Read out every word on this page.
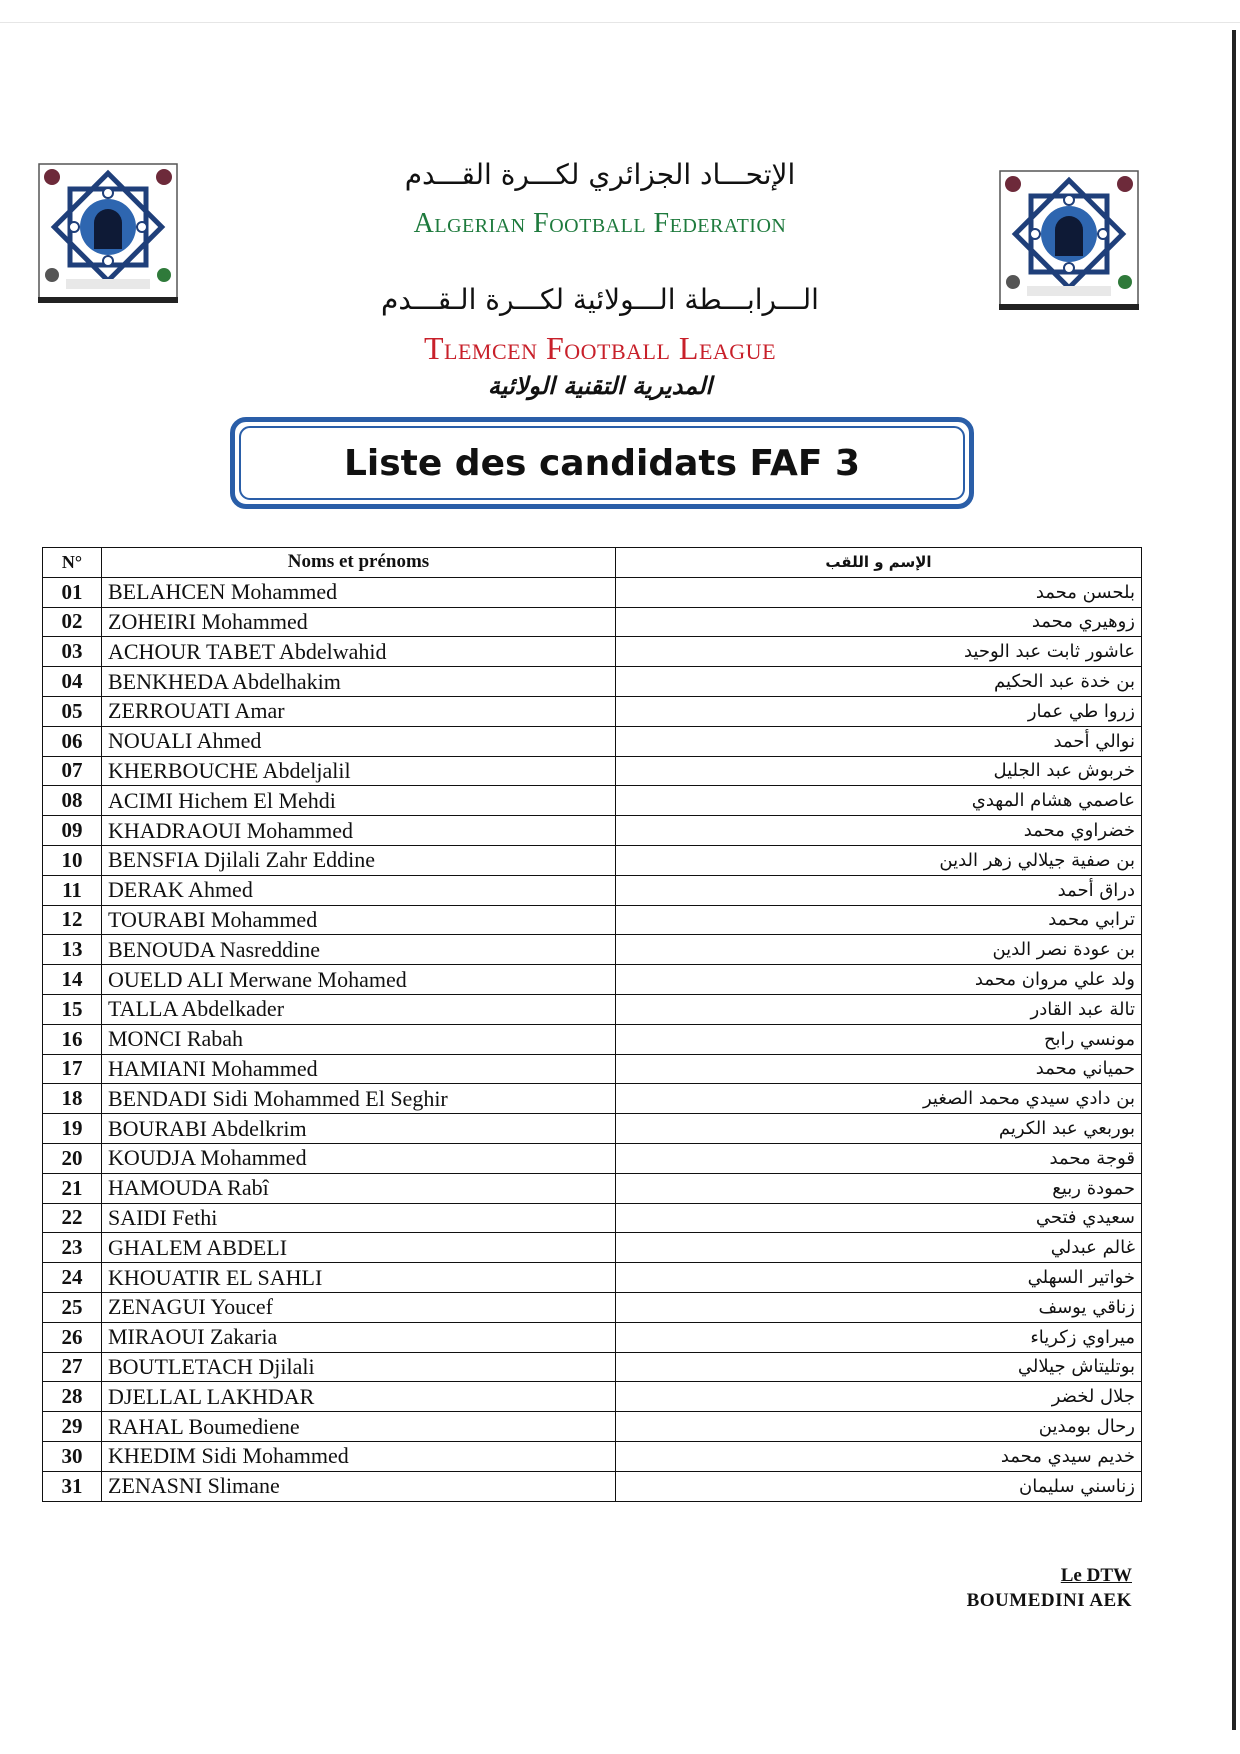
الإتحـــاد الجزائري لكـــرة القـــدم
Algerian Football Federation
الـــرابـــطة الـــولائية لكـــرة الـقـــدم
Tlemcen Football League
المديرية التقنية الولائية
Liste des candidats FAF 3
N°	Noms et prénoms	الإسم و اللقب
01	BELAHCEN Mohammed	بلحسن محمد
02	ZOHEIRI Mohammed	زوهيري محمد
03	ACHOUR TABET Abdelwahid	عاشور ثابت عبد الوحيد
04	BENKHEDA Abdelhakim	بن خدة عبد الحكيم
05	ZERROUATI Amar	زروا طي عمار
06	NOUALI Ahmed	نوالي أحمد
07	KHERBOUCHE Abdeljalil	خربوش عبد الجليل
08	ACIMI Hichem El Mehdi	عاصمي هشام المهدي
09	KHADRAOUI Mohammed	خضراوي محمد
10	BENSFIA Djilali Zahr Eddine	بن صفية جيلالي زهر الدين
11	DERAK Ahmed	دراق أحمد
12	TOURABI Mohammed	ترابي محمد
13	BENOUDA Nasreddine	بن عودة نصر الدين
14	OUELD ALI Merwane Mohamed	ولد علي مروان محمد
15	TALLA Abdelkader	تالة عبد القادر
16	MONCI Rabah	مونسي رابح
17	HAMIANI Mohammed	حمياني محمد
18	BENDADI Sidi Mohammed El Seghir	بن دادي سيدي محمد الصغير
19	BOURABI Abdelkrim	بوربعي عبد الكريم
20	KOUDJA Mohammed	قوجة محمد
21	HAMOUDA Rabî	حمودة ربيع
22	SAIDI Fethi	سعيدي فتحي
23	GHALEM ABDELI	غالم عبدلي
24	KHOUATIR EL SAHLI	خواتير السهلي
25	ZENAGUI Youcef	زناقي يوسف
26	MIRAOUI Zakaria	ميراوي زكرياء
27	BOUTLETACH Djilali	بوتليتاش جيلالي
28	DJELLAL LAKHDAR	جلال لخضر
29	RAHAL Boumediene	رحال بومدين
30	KHEDIM Sidi Mohammed	خديم سيدي محمد
31	ZENASNI Slimane	زناسني سليمان
Le DTW
BOUMEDINI AEK
